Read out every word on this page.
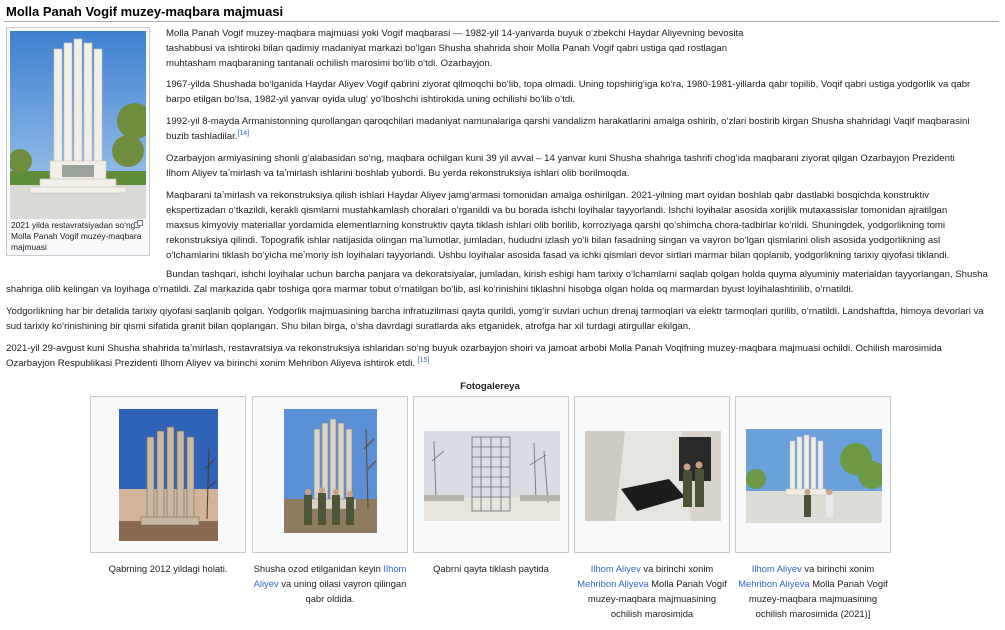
Molla Panah Vogif muzey-maqbara majmuasi
2021 yilda restavratsiyadan so‘ng Molla Panah Vogif muzey-maqbara majmuasi

Molla Panah Vogif muzey-maqbara majmuasi yoki Vogif maqbarasi — 1982-yil 14-yanvarda buyuk oʻzbekchi Haydar Aliyevning bevosita tashabbusi va ishtiroki bilan qadimiy madaniyat markazi boʻlgan Shusha shahrida shoir Molla Panah Vogif qabri ustiga qad rostlagan muhtasham maqbaraning tantanali ochilish marosimi boʻlib oʻtdi. Ozarbayjon.

1967-yilda Shushada boʻlganida Haydar Aliyev Vogif qabrini ziyorat qilmoqchi boʻlib, topa olmadi. Uning topshirigʻiga koʻra, 1980-1981-yillarda qabr topilib, Voqif qabri ustiga yodgorlik va qabr barpo etilgan boʻlsa, 1982-yil yanvar oyida ulugʻ yoʻlboshchi ishtirokida uning ochilishi boʻlib oʻtdi.

1992-yil 8-mayda Armanistonning qurollangan qaroqchilari madaniyat namunalariga qarshi vandalizm harakatlarini amalga oshirib, oʻzlari bostirib kirgan Shusha shahridagi Vaqif maqbarasini buzib tashladilar.[14]

Ozarbayjon armiyasining shonli gʻalabasidan soʻng, maqbara ochilgan kuni 39 yil avval – 14 yanvar kuni Shusha shahriga tashrifi chogʻida maqbarani ziyorat qilgan Ozarbayjon Prezidenti Ilhom Aliyev taʼmirlash va taʼmirlash ishlarini boshlab yubordi. Bu yerda rekonstruksiya ishlari olib borilmoqda.

Maqbarani taʼmirlash va rekonstruksiya qilish ishlari Haydar Aliyev jamgʻarmasi tomonidan amalga oshirilgan. 2021-yilning mart oyidan boshlab qabr dastlabki bosqichda konstruktiv ekspertizadan oʻtkazildi, kerakli qismlarni mustahkamlash choralari oʻrganildi va bu borada ishchi loyihalar tayyorlandi. Ishchi loyihalar asosida xorijlik mutaxassislar tomonidan ajratilgan maxsus kimyoviy materiallar yordamida elementlarning konstruktiv qayta tiklash ishlari olib borilib, korroziyaga qarshi qoʻshimcha chora-tadbirlar koʻrildi. Shuningdek, yodgorlikning tomi rekonstruksiya qilindi. Topografik ishlar natijasida olingan maʼlumotlar, jumladan, hududni izlash yoʻli bilan fasadning singan va vayron boʻlgan qismlarini olish asosida yodgorlikning asl oʻlchamlarini tiklash boʻyicha meʼmoriy ish loyihalari tayyorlandi. Ushbu loyihalar asosida fasad va ichki qismlari devor sirtlari marmar bilan qoplanib, yodgorlikning tarixiy qiyofasi tiklandi.

Bundan tashqari, ishchi loyihalar uchun barcha panjara va dekoratsiyalar, jumladan, kirish eshigi ham tarixiy oʻlchamlarni saqlab qolgan holda quyma alyuminiy materialdan tayyorlangan, Shusha shahriga olib kelingan va loyihaga oʻrnatildi. Zal markazida qabr toshiga qora marmar tobut oʻrnatilgan boʻlib, asl koʻrinishini tiklashni hisobga olgan holda oq marmardan byust loyihalashtirilib, oʻrnatildi.

Yodgorlikning har bir detalida tarixiy qiyofasi saqlanib qolgan. Yodgorlik majmuasining barcha infratuzilmasi qayta qurildi, yomgʻir suvlari uchun drenaj tarmoqlari va elektr tarmoqlari qurilib, oʻrnatildi. Landshaftda, himoya devorlari va sud tarixiy koʻrinishining bir qismi sifatida granit bilan qoplangan. Shu bilan birga, oʻsha davrdagi suratlarda aks etganidek, atrofga har xil turdagi atirgullar ekilgan.

2021-yil 29-avgust kuni Shusha shahrida taʼmirlash, restavratsiya va rekonstruksiya ishlaridan soʻng buyuk ozarbayjon shoiri va jamoat arbobi Molla Panah Voqifning muzey-maqbara majmuasi ochildi. Ochilish marosimida Ozarbayjon Respublikasi Prezidenti Ilhom Aliyev va birinchi xonim Mehribon Aliyeva ishtirok etdi. [15]

Fotogalereya
Qabrning 2012 yildagi holati.	Shusha ozod etilganidan keyin Ilhom Aliyev va uning oilasi vayron qilingan qabr oldida.
Qabrni qayta tiklash paytida	Ilhom Aliyev va birinchi xonim Mehribon Aliyeva Molla Panah Vogif muzey-maqbara majmuasining ochilish marosimida
Ilhom Aliyev va birinchi xonim Mehribon Aliyeva Molla Panah Vogif muzey-maqbara majmuasining ochilish marosimida (2021)]
